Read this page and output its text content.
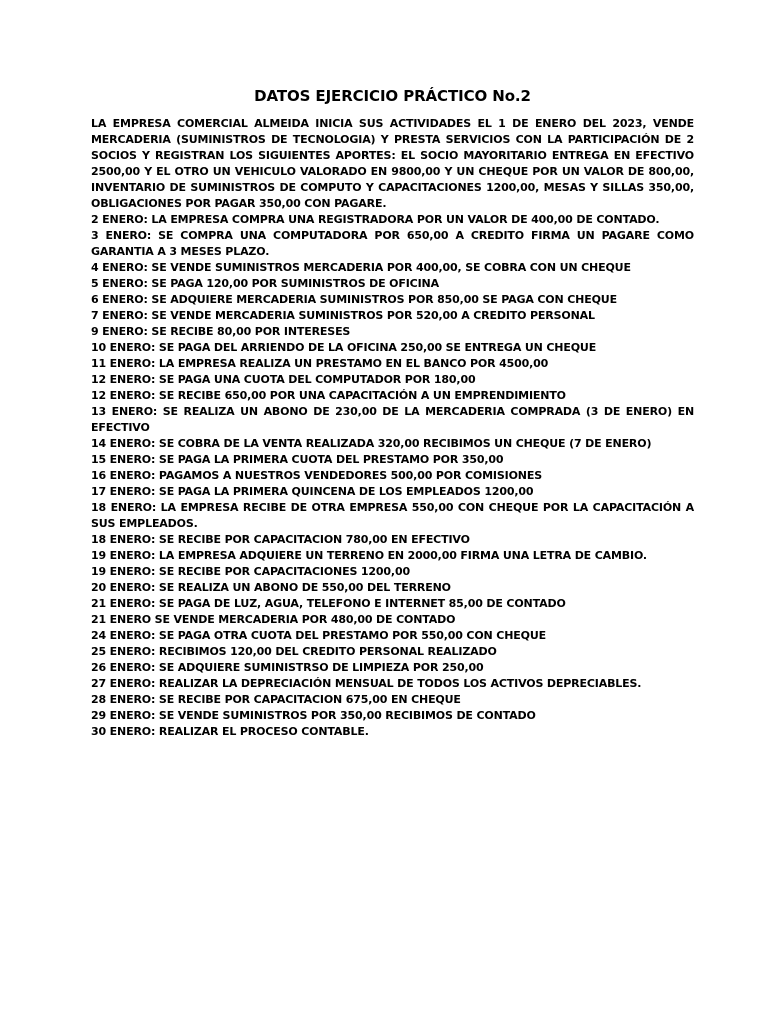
DATOS EJERCICIO PRÁCTICO No.2

LA EMPRESA COMERCIAL ALMEIDA INICIA SUS ACTIVIDADES EL 1 DE ENERO DEL 2023, VENDE MERCADERIA (SUMINISTROS DE TECNOLOGIA) Y PRESTA SERVICIOS CON LA PARTICIPACIÓN DE 2 SOCIOS Y REGISTRAN LOS SIGUIENTES APORTES: EL SOCIO MAYORITARIO ENTREGA EN EFECTIVO 2500,00 Y EL OTRO UN VEHICULO VALORADO EN 9800,00 Y UN CHEQUE POR UN VALOR DE 800,00, INVENTARIO DE SUMINISTROS DE COMPUTO Y CAPACITACIONES 1200,00, MESAS Y SILLAS 350,00, OBLIGACIONES POR PAGAR 350,00 CON PAGARE.

2 ENERO: LA EMPRESA COMPRA UNA REGISTRADORA POR UN VALOR DE 400,00 DE CONTADO.

3 ENERO: SE COMPRA UNA COMPUTADORA POR 650,00 A CREDITO FIRMA UN PAGARE COMO GARANTIA A 3 MESES PLAZO.

4 ENERO: SE VENDE SUMINISTROS MERCADERIA POR 400,00, SE COBRA CON UN CHEQUE

5 ENERO: SE PAGA 120,00 POR SUMINISTROS DE OFICINA

6 ENERO: SE ADQUIERE MERCADERIA SUMINISTROS POR 850,00 SE PAGA CON CHEQUE

7 ENERO: SE VENDE MERCADERIA SUMINISTROS POR 520,00 A CREDITO PERSONAL

9 ENERO: SE RECIBE 80,00 POR INTERESES

10 ENERO: SE PAGA DEL ARRIENDO DE LA OFICINA 250,00 SE ENTREGA UN CHEQUE

11 ENERO: LA EMPRESA REALIZA UN PRESTAMO EN EL BANCO POR 4500,00

12 ENERO: SE PAGA UNA CUOTA DEL COMPUTADOR POR 180,00

12 ENERO: SE RECIBE 650,00 POR UNA CAPACITACIÓN A UN EMPRENDIMIENTO

13 ENERO: SE REALIZA UN ABONO DE 230,00 DE LA MERCADERIA COMPRADA (3 DE ENERO) EN EFECTIVO

14 ENERO: SE COBRA DE LA VENTA REALIZADA 320,00 RECIBIMOS UN CHEQUE (7 DE ENERO)

15 ENERO: SE PAGA LA PRIMERA CUOTA DEL PRESTAMO POR 350,00

16 ENERO: PAGAMOS A NUESTROS VENDEDORES 500,00 POR COMISIONES

17 ENERO: SE PAGA LA PRIMERA QUINCENA DE LOS EMPLEADOS 1200,00

18 ENERO: LA EMPRESA RECIBE DE OTRA EMPRESA 550,00 CON CHEQUE POR LA CAPACITACIÓN A SUS EMPLEADOS.

18 ENERO: SE RECIBE POR CAPACITACION 780,00 EN EFECTIVO

19 ENERO: LA EMPRESA ADQUIERE UN TERRENO EN 2000,00 FIRMA UNA LETRA DE CAMBIO.

19 ENERO: SE RECIBE POR CAPACITACIONES 1200,00

20 ENERO: SE REALIZA UN ABONO DE 550,00 DEL TERRENO

21 ENERO: SE PAGA DE LUZ, AGUA, TELEFONO E INTERNET 85,00 DE CONTADO

21 ENERO SE VENDE MERCADERIA POR 480,00 DE CONTADO

24 ENERO: SE PAGA OTRA CUOTA DEL PRESTAMO POR 550,00 CON CHEQUE

25 ENERO: RECIBIMOS 120,00 DEL CREDITO PERSONAL REALIZADO

26 ENERO: SE ADQUIERE SUMINISTRSO DE LIMPIEZA POR 250,00

27 ENERO: REALIZAR LA DEPRECIACIÓN MENSUAL DE TODOS LOS ACTIVOS DEPRECIABLES.

28 ENERO: SE RECIBE POR CAPACITACION 675,00 EN CHEQUE

29 ENERO: SE VENDE SUMINISTROS POR 350,00 RECIBIMOS DE CONTADO

30 ENERO: REALIZAR EL PROCESO CONTABLE.
